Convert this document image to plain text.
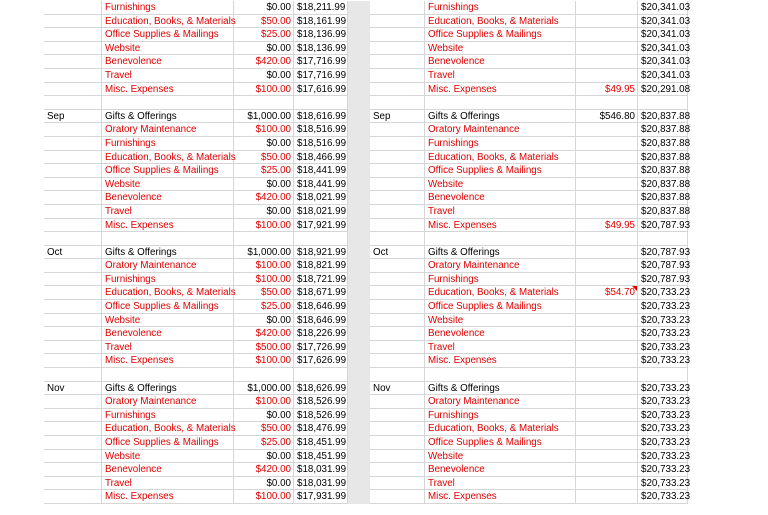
Furnishings	$0.00 $18,211.99	Furnishings	$20,341.03
Education, Books, & Materials	$50.00 $18,161.99	Education, Books, & Materials	$20,341.03
Office Supplies & Mailings	$25.00 $18,136.99	Office Supplies & Mailings	$20,341.03
Website	$0.00 $18,136.99	Website	$20,341.03
Benevolence	$420.00 $17,716.99	Benevolence	$20,341.03
Travel	$0.00 $17,716.99	Travel	$20,341.03
Misc. Expenses	$100.00 $17,616.99	Misc. Expenses	$49.95 $20,291.08
Sep	Gifts & Offerings	$1,000.00 $18,616.99	Sep	Gifts & Offerings	$546.80 $20,837.88
Oratory Maintenance	$100.00 $18,516.99	Oratory Maintenance	$20,837.88
Furnishings	$0.00 $18,516.99	Furnishings	$20,837.88
Education, Books, & Materials	$50.00 $18,466.99	Education, Books, & Materials	$20,837.88
Office Supplies & Mailings	$25.00 $18,441.99	Office Supplies & Mailings	$20,837.88
Website	$0.00 $18,441.99	Website	$20,837.88
Benevolence	$420.00 $18,021.99	Benevolence	$20,837.88
Travel	$0.00 $18,021.99	Travel	$20,837.88
Misc. Expenses	$100.00 $17,921.99	Misc. Expenses	$49.95 $20,787.93
Oct	Gifts & Offerings	$1,000.00 $18,921.99	Oct	Gifts & Offerings	$20,787.93
Oratory Maintenance	$100.00 $18,821.99	Oratory Maintenance	$20,787.93
Furnishings	$100.00 $18,721.99	Furnishings	$20,787.93
Education, Books, & Materials	$50.00 $18,671.99	Education, Books, & Materials	$54.70 $20,733.23
Office Supplies & Mailings	$25.00 $18,646.99	Office Supplies & Mailings	$20,733.23
Website	$0.00 $18,646.99	Website	$20,733.23
Benevolence	$420.00 $18,226.99	Benevolence	$20,733.23
Travel	$500.00 $17,726.99	Travel	$20,733.23
Misc. Expenses	$100.00 $17,626.99	Misc. Expenses	$20,733.23
Nov	Gifts & Offerings	$1,000.00 $18,626.99	Nov	Gifts & Offerings	$20,733.23
Oratory Maintenance	$100.00 $18,526.99	Oratory Maintenance	$20,733.23
Furnishings	$0.00 $18,526.99	Furnishings	$20,733.23
Education, Books, & Materials	$50.00 $18,476.99	Education, Books, & Materials	$20,733.23
Office Supplies & Mailings	$25.00 $18,451.99	Office Supplies & Mailings	$20,733.23
Website	$0.00 $18,451.99	Website	$20,733.23
Benevolence	$420.00 $18,031.99	Benevolence	$20,733.23
Travel	$0.00 $18,031.99	Travel	$20,733.23
Misc. Expenses	$100.00 $17,931.99	Misc. Expenses	$20,733.23
